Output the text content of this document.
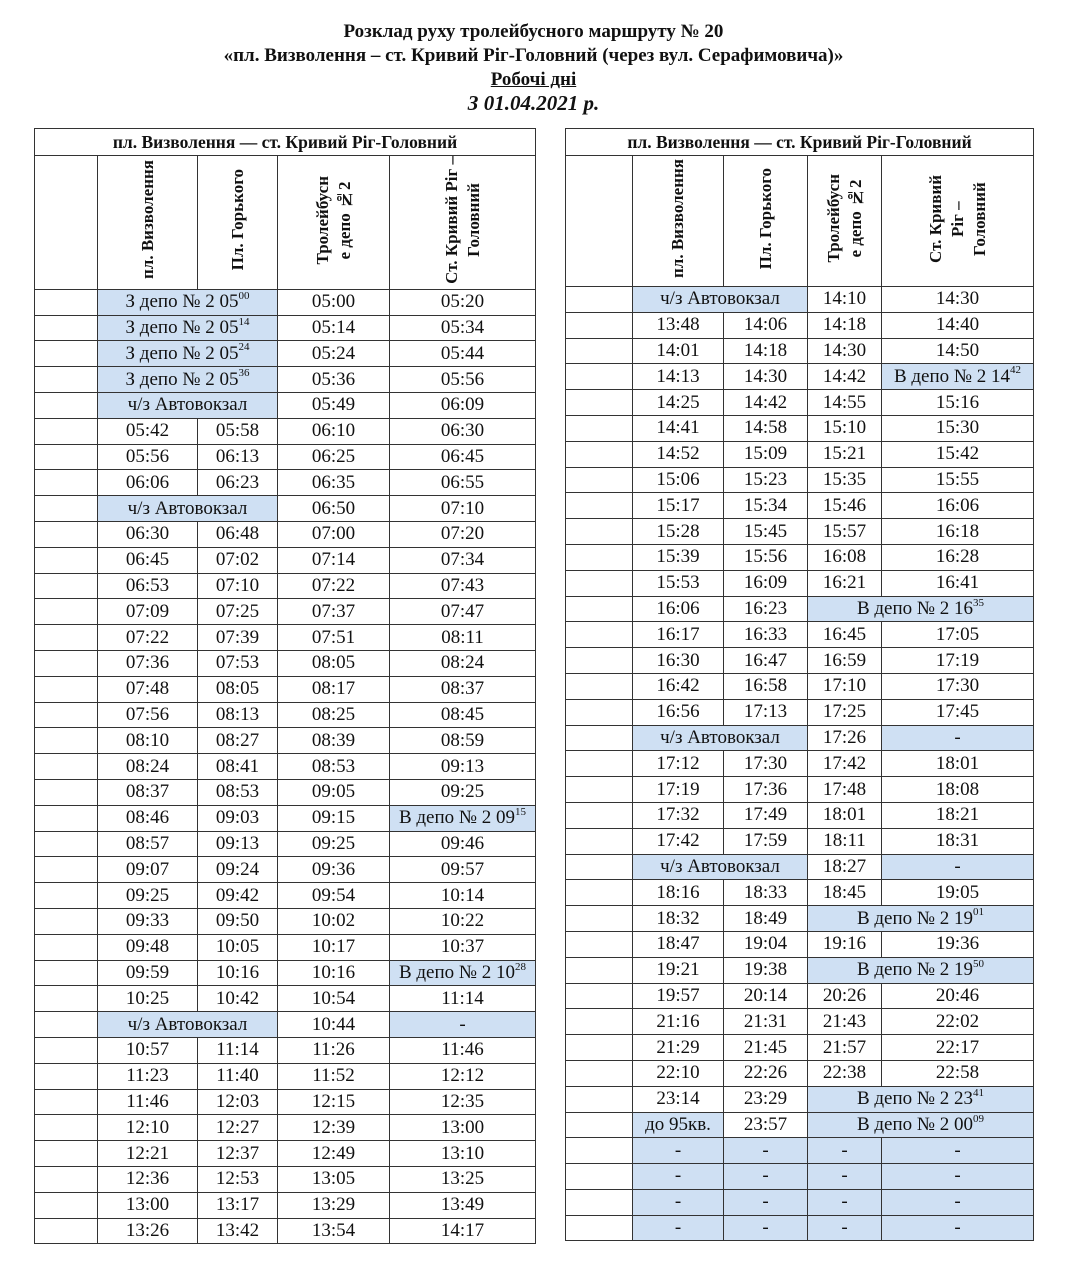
Розклад руху тролейбусного маршруту № 20
«пл. Визволення – ст. Кривий Ріг-Головний (через вул. Серафимовича)»
Робочі дні
З 01.04.2021 р.
пл. Визволення — ст. Кривий Ріг-Головний				
	пл. Визволення	Пл. Горького	Тролейбусн е депо №2	Ст. Кривий Ріг – Головний
	З депо № 2 $05^{00}$		05:00	05:20
	З депо № 2 $05^{14}$		05:14	05:34
	З депо № 2 $05^{24}$		05:24	05:44
	З депо № 2 $05^{36}$		05:36	05:56
	ч/з Автовокзал		05:49	06:09
	05:42	05:58	06:10	06:30
	05:56	06:13	06:25	06:45
	06:06	06:23	06:35	06:55
	ч/з Автовокзал		06:50	07:10
	06:30	06:48	07:00	07:20
	06:45	07:02	07:14	07:34
	06:53	07:10	07:22	07:43
	07:09	07:25	07:37	07:47
	07:22	07:39	07:51	08:11
	07:36	07:53	08:05	08:24
	07:48	08:05	08:17	08:37
	07:56	08:13	08:25	08:45
	08:10	08:27	08:39	08:59
	08:24	08:41	08:53	09:13
	08:37	08:53	09:05	09:25
	08:46	09:03	09:15	В депо № 2 $09^{15}$
	08:57	09:13	09:25	09:46
	09:07	09:24	09:36	09:57
	09:25	09:42	09:54	10:14
	09:33	09:50	10:02	10:22
	09:48	10:05	10:17	10:37
	09:59	10:16	10:16	В депо № 2 $10^{28}$
	10:25	10:42	10:54	11:14
	ч/з Автовокзал		10:44	-
	10:57	11:14	11:26	11:46
	11:23	11:40	11:52	12:12
	11:46	12:03	12:15	12:35
	12:10	12:27	12:39	13:00
	12:21	12:37	12:49	13:10
	12:36	12:53	13:05	13:25
	13:00	13:17	13:29	13:49
	13:26	13:42	13:54	14:17
пл. Визволення — ст. Кривий Ріг-Головний				
	пл. Визволення	Пл. Горького	Тролейбусн е депо №2	Ст. Кривий Ріг – Головний
	ч/з Автовокзал		14:10	14:30
	13:48	14:06	14:18	14:40
	14:01	14:18	14:30	14:50
	14:13	14:30	14:42	В депо № 2 $14^{42}$
	14:25	14:42	14:55	15:16
	14:41	14:58	15:10	15:30
	14:52	15:09	15:21	15:42
	15:06	15:23	15:35	15:55
	15:17	15:34	15:46	16:06
	15:28	15:45	15:57	16:18
	15:39	15:56	16:08	16:28
	15:53	16:09	16:21	16:41
	16:06	16:23	В депо № 2 $16^{35}$
	16:17	16:33	16:45	17:05
	16:30	16:47	16:59	17:19
	16:42	16:58	17:10	17:30
	16:56	17:13	17:25	17:45
	ч/з Автовокзал		17:26	-
	17:12	17:30	17:42	18:01
	17:19	17:36	17:48	18:08
	17:32	17:49	18:01	18:21
	17:42	17:59	18:11	18:31
	ч/з Автовокзал		18:27	-
	18:16	18:33	18:45	19:05
	18:32	18:49	В депо № 2 $19^{01}$
	18:47	19:04	19:16	19:36
	19:21	19:38	В депо № 2 $19^{50}$
	19:57	20:14	20:26	20:46
	21:16	21:31	21:43	22:02
	21:29	21:45	21:57	22:17
	22:10	22:26	22:38	22:58
	23:14	23:29	В депо № 2 $23^{41}$
	до 95кв.	23:57	В депо № 2 $00^{09}$
	-	-	-	-
	-	-	-	-
	-	-	-	-
	-	-	-	-
